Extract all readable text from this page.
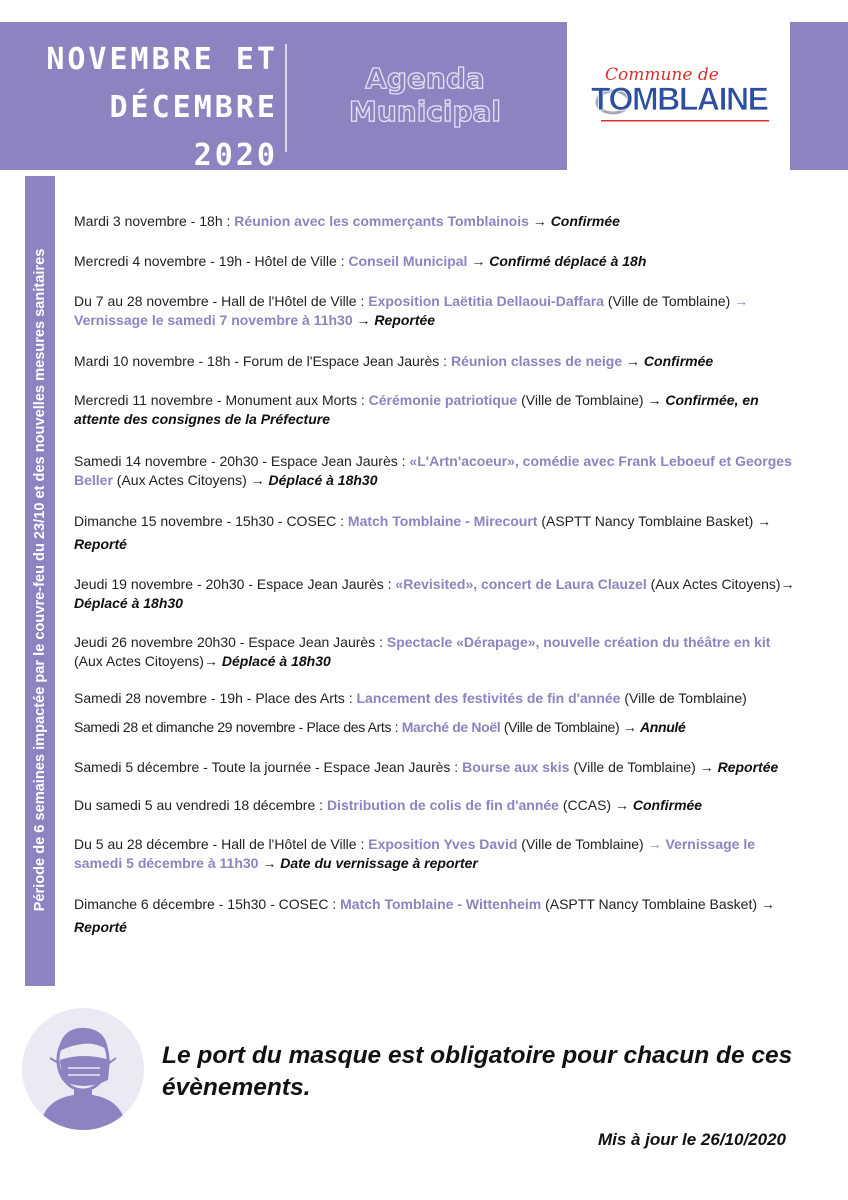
NOVEMBRE ET
DÉCEMBRE
2020
Agenda
Municipal
Commune de
TOMBLAINE
Période de 6 semaines impactée par le couvre-feu du 23/10 et des nouvelles mesures sanitaires

Mardi 3 novembre - 18h : Réunion avec les commerçants Tomblainois → Confirmée

Mercredi 4 novembre - 19h - Hôtel de Ville : Conseil Municipal → Confirmé déplacé à 18h

Du 7 au 28 novembre - Hall de l'Hôtel de Ville : Exposition Laëtitia Dellaoui-Daffara (Ville de Tomblaine) → Vernissage le samedi 7 novembre à 11h30 → Reportée

Mardi 10 novembre - 18h - Forum de l'Espace Jean Jaurès : Réunion classes de neige → Confirmée

Mercredi 11 novembre - Monument aux Morts : Cérémonie patriotique (Ville de Tomblaine) → Confirmée, en attente des consignes de la Préfecture

Samedi 14 novembre - 20h30 - Espace Jean Jaurès : «L'Artn'acoeur», comédie avec Frank Leboeuf et Georges Beller (Aux Actes Citoyens) → Déplacé à 18h30

Dimanche 15 novembre - 15h30 - COSEC : Match Tomblaine - Mirecourt (ASPTT Nancy Tomblaine Basket) → Reporté

Jeudi 19 novembre - 20h30 - Espace Jean Jaurès : «Revisited», concert de Laura Clauzel (Aux Actes Citoyens)→ Déplacé à 18h30

Jeudi 26 novembre 20h30 - Espace Jean Jaurès : Spectacle «Dérapage», nouvelle création du théâtre en kit (Aux Actes Citoyens)→ Déplacé à 18h30

Samedi 28 novembre - 19h - Place des Arts : Lancement des festivités de fin d'année (Ville de Tomblaine)

Samedi 28 et dimanche 29 novembre - Place des Arts : Marché de Noël (Ville de Tomblaine) → Annulé

Samedi 5 décembre - Toute la journée - Espace Jean Jaurès : Bourse aux skis (Ville de Tomblaine) → Reportée

Du samedi 5 au vendredi 18 décembre : Distribution de colis de fin d'année (CCAS) → Confirmée

Du 5 au 28 décembre - Hall de l'Hôtel de Ville : Exposition Yves David (Ville de Tomblaine) → Vernissage le samedi 5 décembre à 11h30 → Date du vernissage à reporter

Dimanche 6 décembre - 15h30 - COSEC : Match Tomblaine - Wittenheim (ASPTT Nancy Tomblaine Basket) → Reporté

Le port du masque est obligatoire pour chacun de ces évènements.
Mis à jour le 26/10/2020
